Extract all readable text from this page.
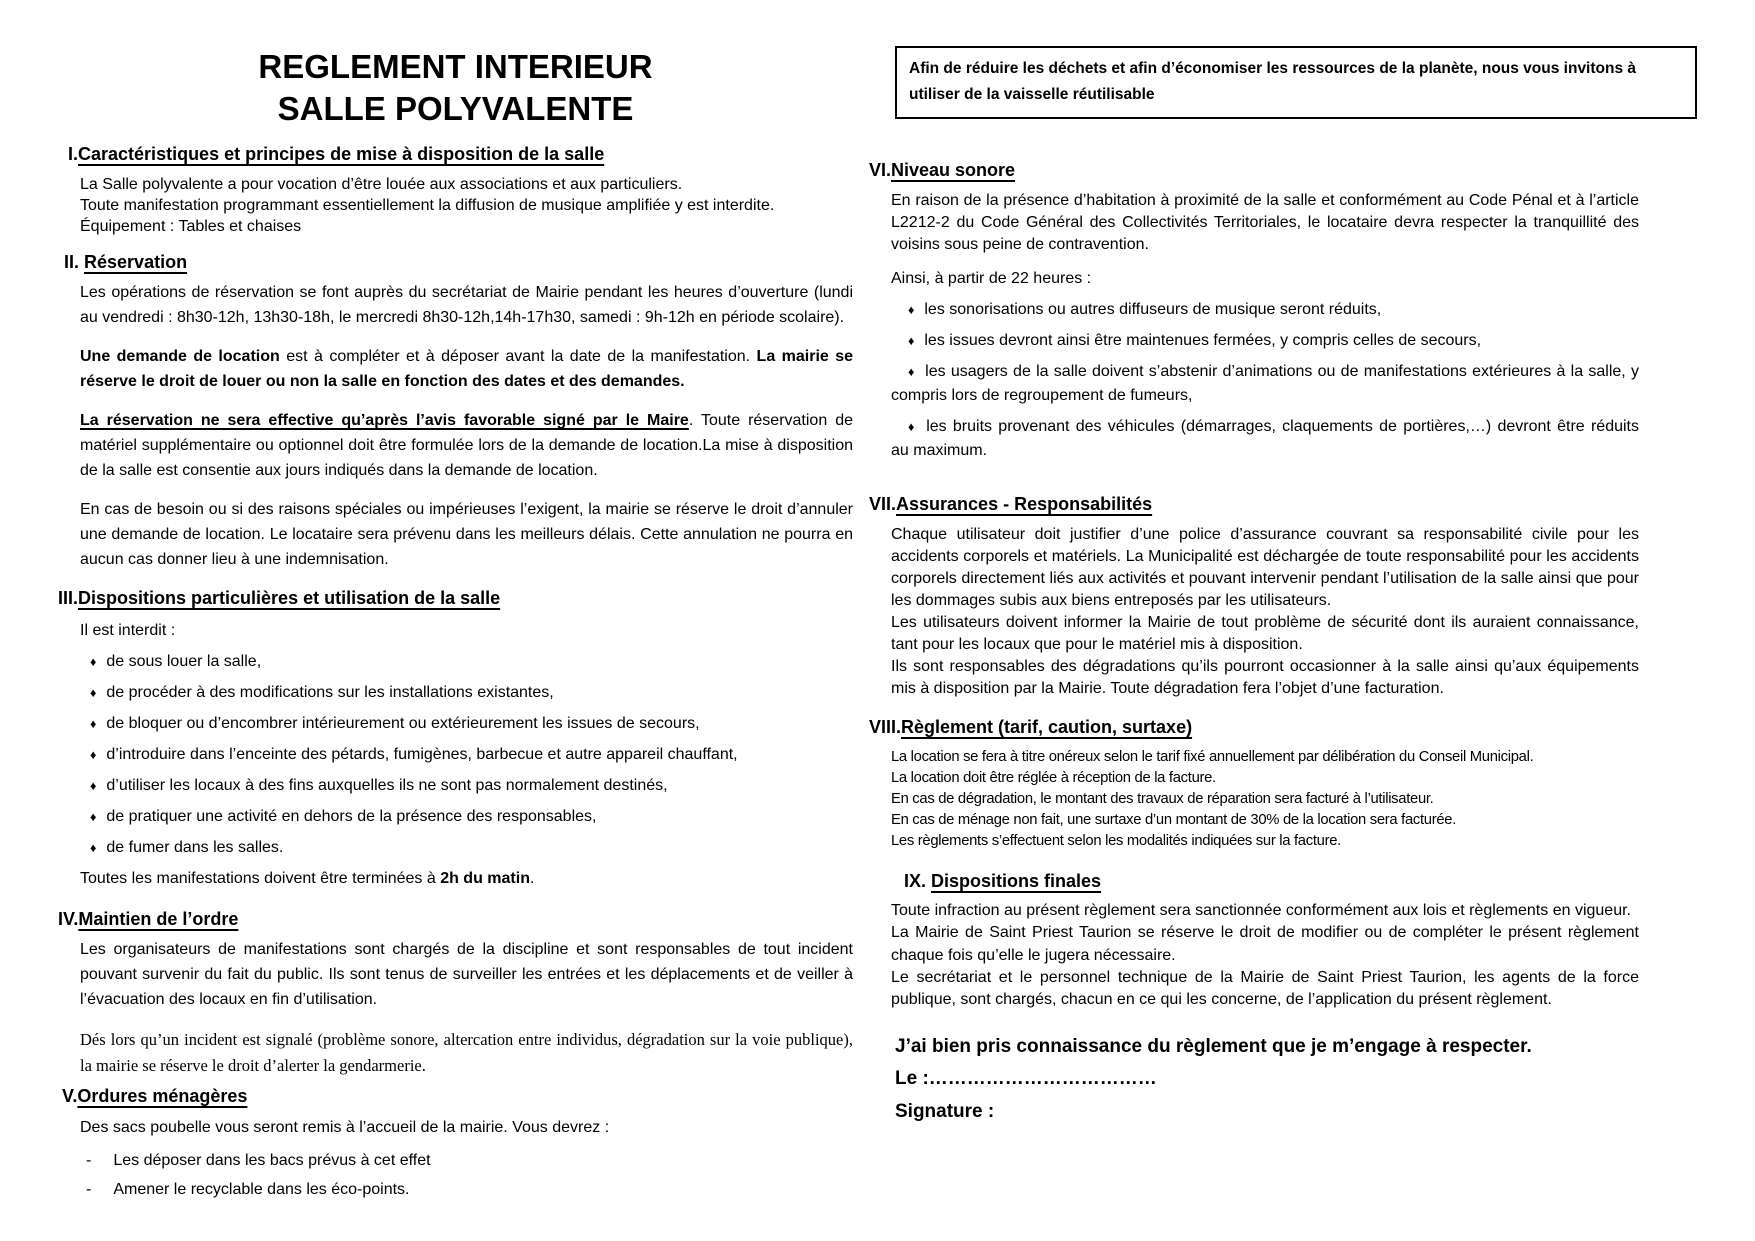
REGLEMENT INTERIEUR
SALLE POLYVALENTE
I.Caractéristiques et principes de mise à disposition de la salle
La Salle polyvalente a pour vocation d’être louée aux associations et aux particuliers.
Toute manifestation programmant essentiellement la diffusion de musique amplifiée y est interdite.
Équipement : Tables et chaises
II. Réservation

Les opérations de réservation se font auprès du secrétariat de Mairie pendant les heures d’ouverture (lundi au vendredi : 8h30-12h, 13h30-18h, le mercredi 8h30-12h,14h-17h30, samedi : 9h-12h en période scolaire).

Une demande de location est à compléter et à déposer avant la date de la manifestation. La mairie se réserve le droit de louer ou non la salle en fonction des dates et des demandes.

La réservation ne sera effective qu’après l’avis favorable signé par le Maire. Toute réservation de matériel supplémentaire ou optionnel doit être formulée lors de la demande de location.La mise à disposition de la salle est consentie aux jours indiqués dans la demande de location.

En cas de besoin ou si des raisons spéciales ou impérieuses l’exigent, la mairie se réserve le droit d’annuler une demande de location. Le locataire sera prévenu dans les meilleurs délais. Cette annulation ne pourra en aucun cas donner lieu à une indemnisation.

III.Dispositions particulières et utilisation de la salle

Il est interdit :

♦ de sous louer la salle,
♦ de procéder à des modifications sur les installations existantes,
♦ de bloquer ou d’encombrer intérieurement ou extérieurement les issues de secours,
♦ d’introduire dans l’enceinte des pétards, fumigènes, barbecue et autre appareil chauffant,
♦ d’utiliser les locaux à des fins auxquelles ils ne sont pas normalement destinés,
♦ de pratiquer une activité en dehors de la présence des responsables,
♦ de fumer dans les salles.

Toutes les manifestations doivent être terminées à 2h du matin.

IV.Maintien de l’ordre

Les organisateurs de manifestations sont chargés de la discipline et sont responsables de tout incident pouvant survenir du fait du public. Ils sont tenus de surveiller les entrées et les déplacements et de veiller à l’évacuation des locaux en fin d’utilisation.

Dés lors qu’un incident est signalé (problème sonore, altercation entre individus, dégradation sur la voie publique), la mairie se réserve le droit d’alerter la gendarmerie.

V.Ordures ménagères

Des sacs poubelle vous seront remis à l’accueil de la mairie. Vous devrez :

- Les déposer dans les bacs prévus à cet effet
- Amener le recyclable dans les éco-points.
Afin de réduire les déchets et afin d’économiser les ressources de la planète, nous vous invitons à utiliser de la vaisselle réutilisable
VI.Niveau sonore

En raison de la présence d’habitation à proximité de la salle et conformément au Code Pénal et à l’article L2212-2 du Code Général des Collectivités Territoriales, le locataire devra respecter la tranquillité des voisins sous peine de contravention.

Ainsi, à partir de 22 heures :

♦ les sonorisations ou autres diffuseurs de musique seront réduits,
♦ les issues devront ainsi être maintenues fermées, y compris celles de secours,
♦ les usagers de la salle doivent s’abstenir d’animations ou de manifestations extérieures à la salle, y compris lors de regroupement de fumeurs,
♦ les bruits provenant des véhicules (démarrages, claquements de portières,…) devront être réduits au maximum.
VII.Assurances - Responsabilités

Chaque utilisateur doit justifier d’une police d’assurance couvrant sa responsabilité civile pour les accidents corporels et matériels. La Municipalité est déchargée de toute responsabilité pour les accidents corporels directement liés aux activités et pouvant intervenir pendant l’utilisation de la salle ainsi que pour les dommages subis aux biens entreposés par les utilisateurs.

Les utilisateurs doivent informer la Mairie de tout problème de sécurité dont ils auraient connaissance, tant pour les locaux que pour le matériel mis à disposition.

Ils sont responsables des dégradations qu’ils pourront occasionner à la salle ainsi qu’aux équipements mis à disposition par la Mairie. Toute dégradation fera l’objet d’une facturation.

VIII.Règlement (tarif, caution, surtaxe)
La location se fera à titre onéreux selon le tarif fixé annuellement par délibération du Conseil Municipal.
La location doit être réglée à réception de la facture.
En cas de dégradation, le montant des travaux de réparation sera facturé à l’utilisateur.
En cas de ménage non fait, une surtaxe d’un montant de 30% de la location sera facturée.
Les règlements s’effectuent selon les modalités indiquées sur la facture.
IX. Dispositions finales

Toute infraction au présent règlement sera sanctionnée conformément aux lois et règlements en vigueur.

La Mairie de Saint Priest Taurion se réserve le droit de modifier ou de compléter le présent règlement chaque fois qu’elle le jugera nécessaire.

Le secrétariat et le personnel technique de la Mairie de Saint Priest Taurion, les agents de la force publique, sont chargés, chacun en ce qui les concerne, de l’application du présent règlement.

J’ai bien pris connaissance du règlement que je m’engage à respecter.
Le :………………………………
Signature :
